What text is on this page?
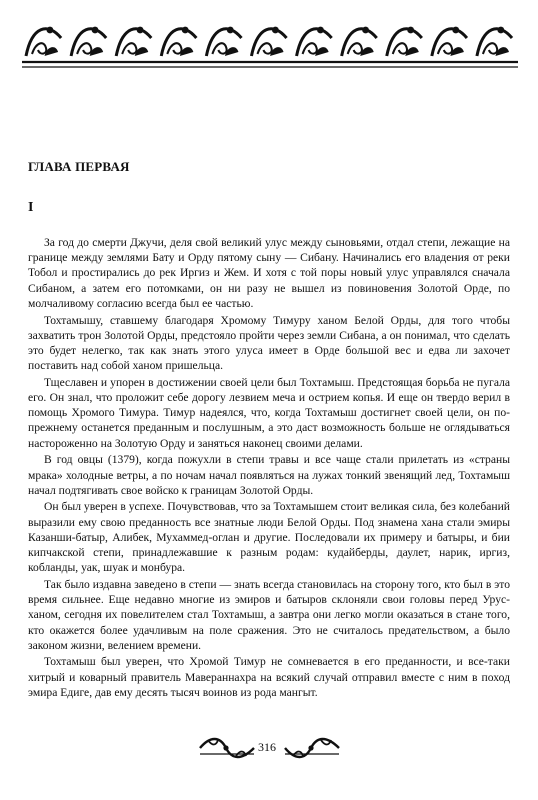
ГЛАВА ПЕРВАЯ
I

За год до смерти Джучи, деля свой великий улус между сыновьями, отдал степи, лежащие на границе между землями Бату и Орду пятому сыну — Сибану. Начинались его владения от реки Тобол и простирались до рек Иргиз и Жем. И хотя с той поры новый улус управлялся сначала Сибаном, а затем его потомками, он ни разу не вышел из повиновения Золотой Орде, по молчаливому согласию всегда был ее частью.

Тохтамышу, ставшему благодаря Хромому Тимуру ханом Белой Орды, для того чтобы захватить трон Золотой Орды, предстояло пройти через земли Сибана, а он понимал, что сделать это будет нелегко, так как знать этого улуса имеет в Орде большой вес и едва ли захочет поставить над собой ханом пришельца.

Тщеславен и упорен в достижении своей цели был Тохтамыш. Предстоящая борьба не пугала его. Он знал, что проложит себе дорогу лезвием меча и острием копья. И еще он твердо верил в помощь Хромого Тимура. Тимур надеялся, что, когда Тохтамыш достигнет своей цели, он по-прежнему останется преданным и послушным, а это даст возможность больше не оглядываться настороженно на Золотую Орду и заняться наконец своими делами.

В год овцы (1379), когда пожухли в степи травы и все чаще стали прилетать из «страны мрака» холодные ветры, а по ночам начал появляться на лужах тонкий звенящий лед, Тохтамыш начал подтягивать свое войско к границам Золотой Орды.

Он был уверен в успехе. Почувствовав, что за Тохтамышем стоит великая сила, без колебаний выразили ему свою преданность все знатные люди Белой Орды. Под знамена хана стали эмиры Казанши-батыр, Алибек, Мухаммед-оглан и другие. Последовали их примеру и батыры, и бии кипчакской степи, принадлежавшие к разным родам: кудайберды, даулет, нарик, иргиз, кобланды, уак, шуак и монбура.

Так было издавна заведено в степи — знать всегда становилась на сторону того, кто был в это время сильнее. Еще недавно многие из эмиров и батыров склоняли свои головы перед Урус-ханом, сегодня их повелителем стал Тохтамыш, а завтра они легко могли оказаться в стане того, кто окажется более удачливым на поле сражения. Это не считалось предательством, а было законом жизни, велением времени.

Тохтамыш был уверен, что Хромой Тимур не сомневается в его преданности, и все-таки хитрый и коварный правитель Мавераннахра на всякий случай отправил вместе с ним в поход эмира Едиге, дав ему десять тысяч воинов из рода мангыт.

316
